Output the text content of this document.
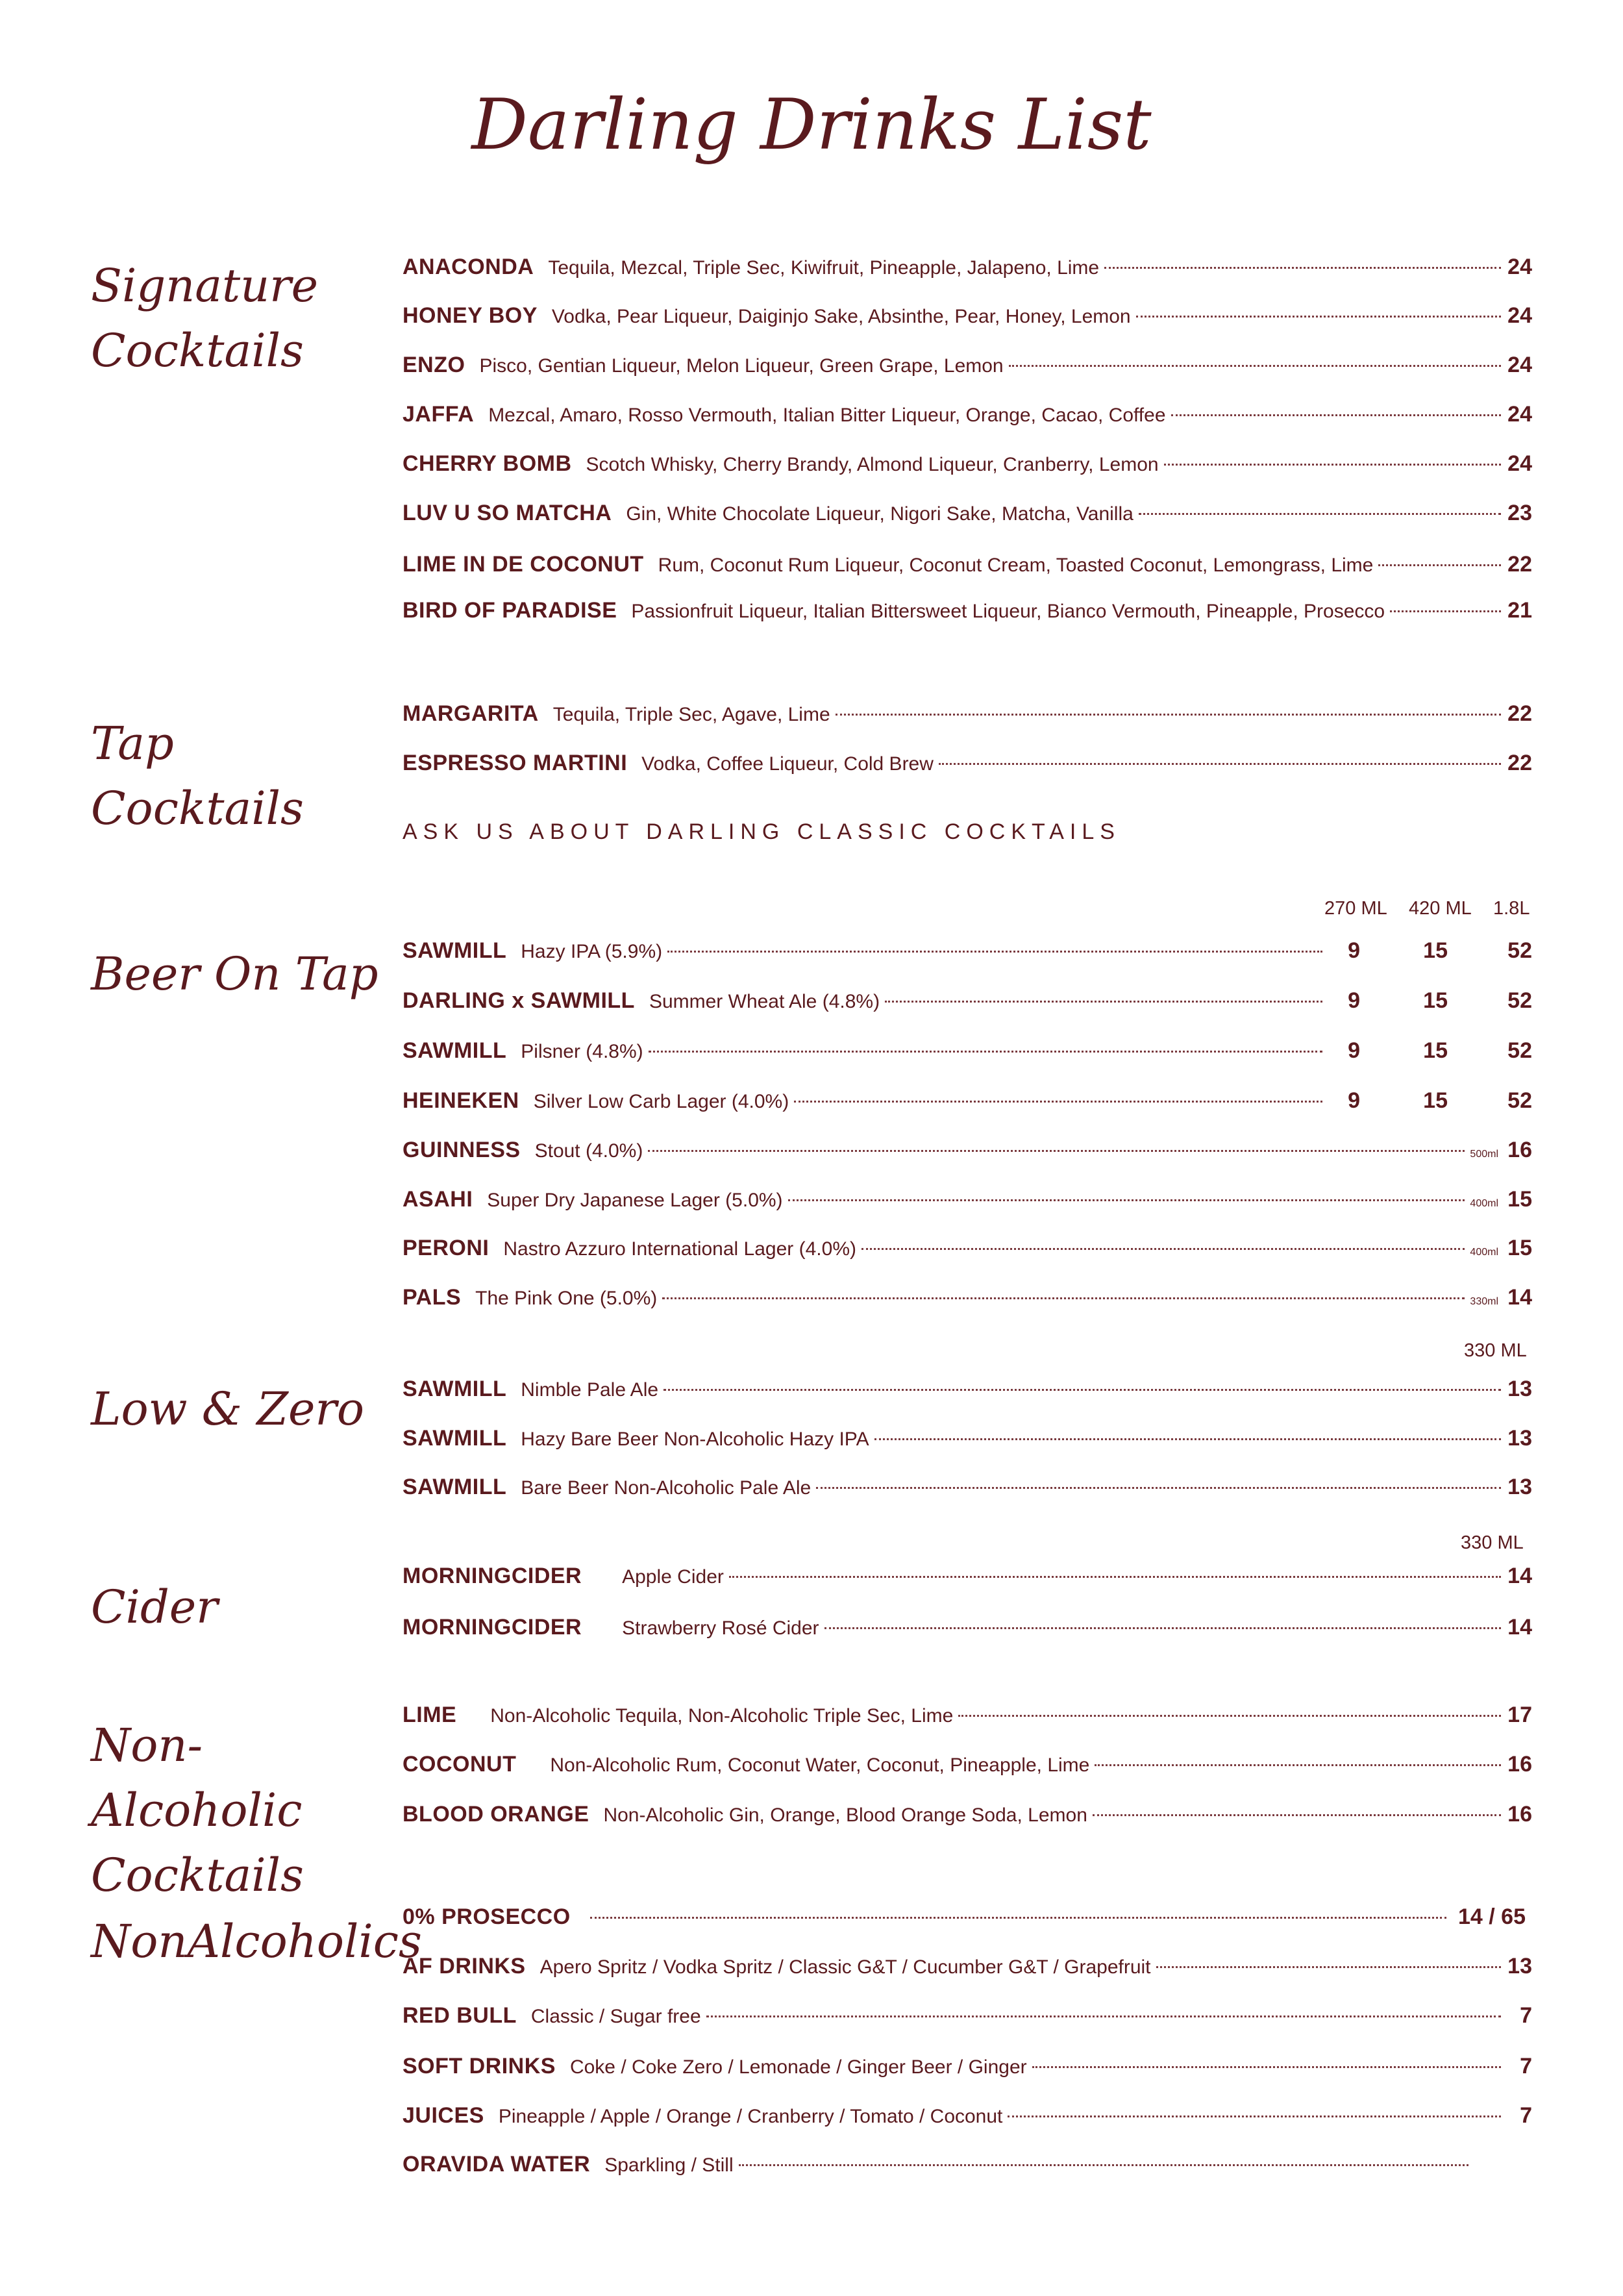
Darling Drinks List
Signature
Cocktails
ANACONDA Tequila, Mezcal, Triple Sec, Kiwifruit, Pineapple, Jalapeno, Lime	24
HONEY BOY Vodka, Pear Liqueur, Daiginjo Sake, Absinthe, Pear, Honey, Lemon	24
ENZO Pisco, Gentian Liqueur, Melon Liqueur, Green Grape, Lemon	24
JAFFA Mezcal, Amaro, Rosso Vermouth, Italian Bitter Liqueur, Orange, Cacao, Coffee	24
CHERRY BOMB Scotch Whisky, Cherry Brandy, Almond Liqueur, Cranberry, Lemon	24
LUV U SO MATCHA Gin, White Chocolate Liqueur, Nigori Sake, Matcha, Vanilla	23
LIME IN DE COCONUT Rum, Coconut Rum Liqueur, Coconut Cream, Toasted Coconut, Lemongrass, Lime	22
BIRD OF PARADISE Passionfruit Liqueur, Italian Bittersweet Liqueur, Bianco Vermouth, Pineapple, Prosecco	21
Tap Cocktails
MARGARITA Tequila, Triple Sec, Agave, Lime	22
ESPRESSO MARTINI Vodka, Coffee Liqueur, Cold Brew	22
ASK US ABOUT DARLING CLASSIC COCKTAILS
Beer On Tap
270 ML 420 ML 1.8L
SAWMILL Hazy IPA (5.9%)	9	15	52
DARLING x SAWMILL Summer Wheat Ale (4.8%)	9	15	52
SAWMILL Pilsner (4.8%)	9	15	52
HEINEKEN Silver Low Carb Lager (4.0%)	9	15	52
GUINNESS Stout (4.0%)	500ml 16
ASAHI Super Dry Japanese Lager (5.0%)	400ml 15
PERONI Nastro Azzuro International Lager (4.0%)	400ml 15
PALS The Pink One (5.0%)	330ml 14
Low & Zero
330 ML
SAWMILL Nimble Pale Ale	13
SAWMILL Hazy Bare Beer Non-Alcoholic Hazy IPA	13
SAWMILL Bare Beer Non-Alcoholic Pale Ale	13
Cider
330 ML
MORNINGCIDER Apple Cider	14
MORNINGCIDER Strawberry Rosé Cider	14
Non-Alcoholic
Cocktails
LIME Non-Alcoholic Tequila, Non-Alcoholic Triple Sec, Lime	17
COCONUT Non-Alcoholic Rum, Coconut Water, Coconut, Pineapple, Lime	16
BLOOD ORANGE Non-Alcoholic Gin, Orange, Blood Orange Soda, Lemon	16
NonAlcoholics
0% PROSECCO	14 / 65
AF DRINKS Apero Spritz / Vodka Spritz / Classic G&T / Cucumber G&T / Grapefruit	13
RED BULL Classic / Sugar free	7
SOFT DRINKS Coke / Coke Zero / Lemonade / Ginger Beer / Ginger	7
JUICES Pineapple / Apple / Orange / Cranberry / Tomato / Coconut	7
ORAVIDA WATER Sparkling / Still
